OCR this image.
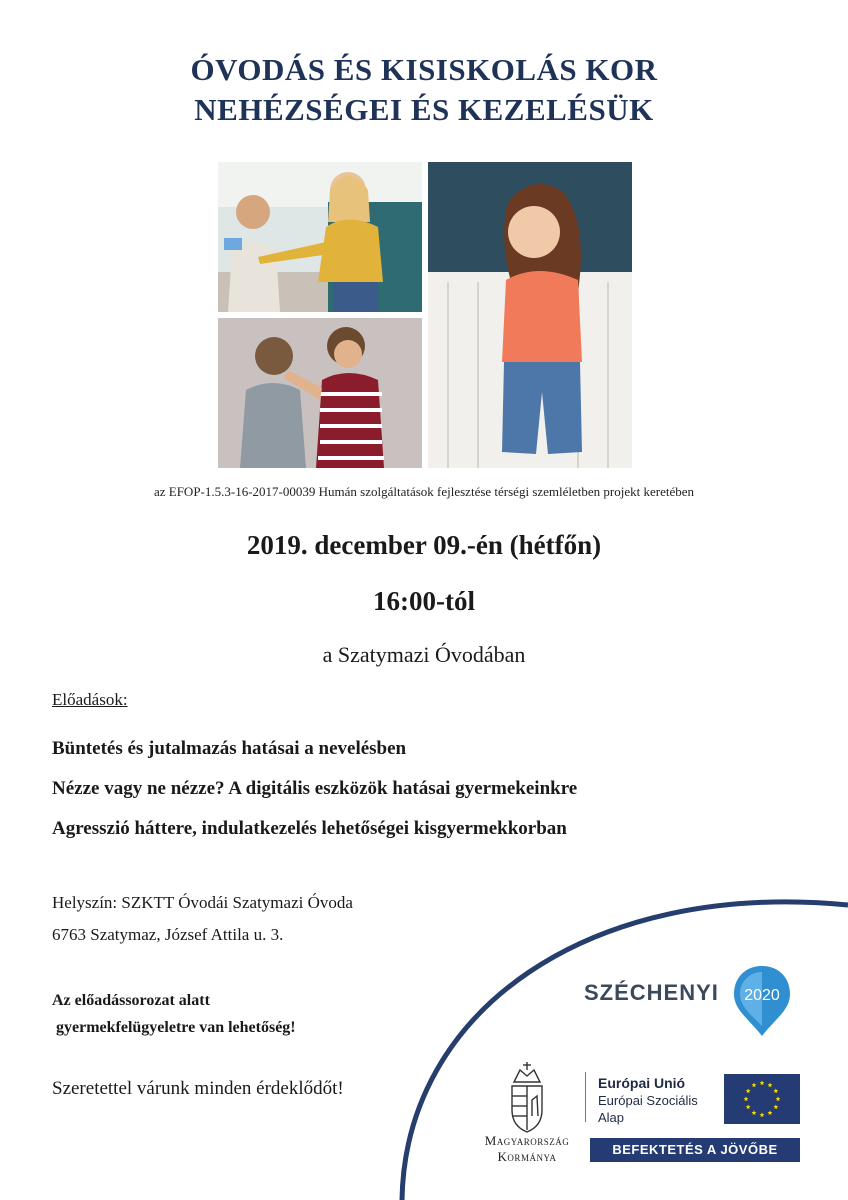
ÓVODÁS ÉS KISISKOLÁS KOR
NEHÉZSÉGEI ÉS KEZELÉSÜK
az EFOP-1.5.3-16-2017-00039 Humán szolgáltatások fejlesztése térségi szemléletben projekt keretében
2019. december 09.-én (hétfőn)
16:00-tól
a Szatymazi Óvodában
Előadások:
Büntetés és jutalmazás hatásai a nevelésben
Nézze vagy ne nézze? A digitális eszközök hatásai gyermekeinkre
Agresszió háttere, indulatkezelés lehetőségei kisgyermekkorban
Helyszín: SZKTT Óvodái Szatymazi Óvoda
6763 Szatymaz, József Attila u. 3.
Az előadássorozat alatt
gyermekfelügyeletre van lehetőség!
Szeretettel várunk minden érdeklődőt!
SZÉCHENYI 2020
Magyarország
Kormánya
Európai Unió
Európai Szociális
Alap
BEFEKTETÉS A JÖVŐBE
